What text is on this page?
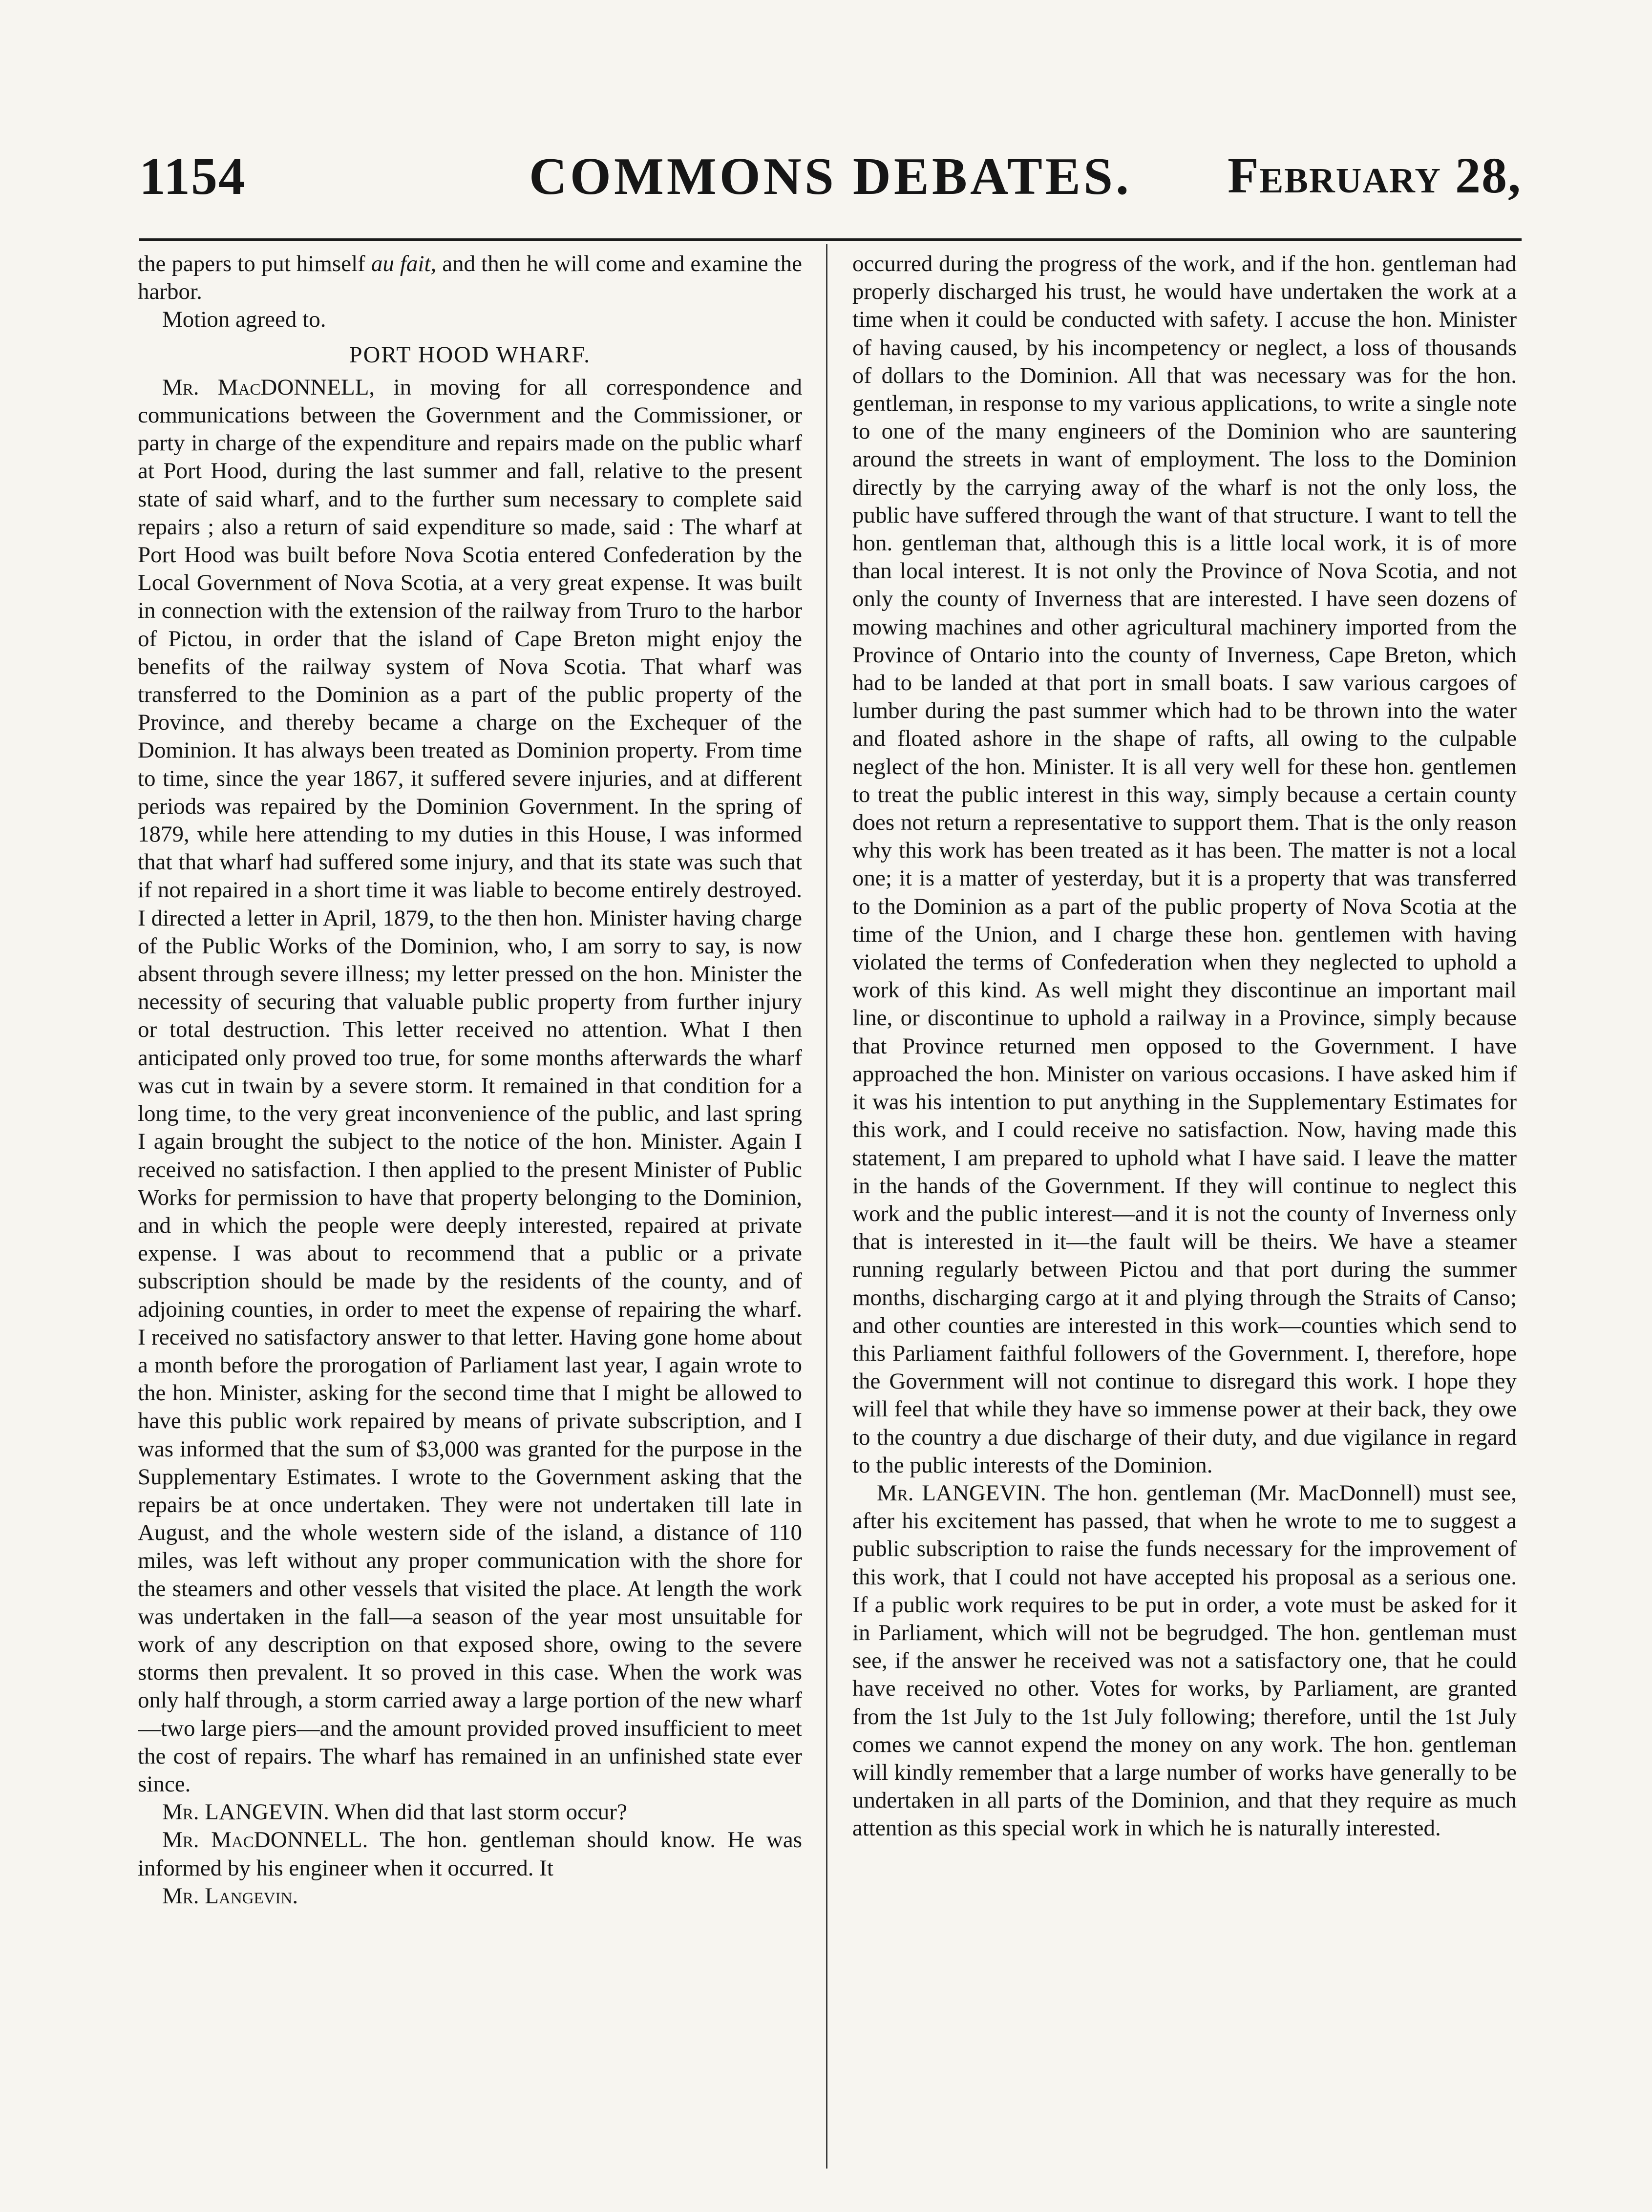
1154	COMMONS DEBATES.	February 28,

the papers to put himself au fait, and then he will come and examine the harbor.

Motion agreed to.

PORT HOOD WHARF.

Mr. MacDONNELL, in moving for all correspondence and communications between the Government and the Commissioner, or party in charge of the expenditure and repairs made on the public wharf at Port Hood, during the last summer and fall, relative to the present state of said wharf, and to the further sum necessary to complete said repairs ; also a return of said expenditure so made, said : The wharf at Port Hood was built before Nova Scotia entered Confederation by the Local Government of Nova Scotia, at a very great expense. It was built in connection with the extension of the railway from Truro to the harbor of Pictou, in order that the island of Cape Breton might enjoy the benefits of the railway system of Nova Scotia. That wharf was transferred to the Dominion as a part of the public property of the Province, and thereby became a charge on the Exchequer of the Dominion. It has always been treated as Dominion property. From time to time, since the year 1867, it suffered severe injuries, and at different periods was repaired by the Dominion Government. In the spring of 1879, while here attending to my duties in this House, I was informed that that wharf had suffered some injury, and that its state was such that if not repaired in a short time it was liable to become entirely destroyed. I directed a letter in April, 1879, to the then hon. Minister having charge of the Public Works of the Dominion, who, I am sorry to say, is now absent through severe illness; my letter pressed on the hon. Minister the necessity of securing that valuable public property from further injury or total destruction. This letter received no attention. What I then anticipated only proved too true, for some months afterwards the wharf was cut in twain by a severe storm. It remained in that condition for a long time, to the very great inconvenience of the public, and last spring I again brought the subject to the notice of the hon. Minister. Again I received no satisfaction. I then applied to the present Minister of Public Works for permission to have that property belonging to the Dominion, and in which the people were deeply interested, repaired at private expense. I was about to recommend that a public or a private subscription should be made by the residents of the county, and of adjoining counties, in order to meet the expense of repairing the wharf. I received no satisfactory answer to that letter. Having gone home about a month before the prorogation of Parliament last year, I again wrote to the hon. Minister, asking for the second time that I might be allowed to have this public work repaired by means of private subscription, and I was informed that the sum of $3,000 was granted for the purpose in the Supplementary Estimates. I wrote to the Government asking that the repairs be at once undertaken. They were not undertaken till late in August, and the whole western side of the island, a distance of 110 miles, was left without any proper communication with the shore for the steamers and other vessels that visited the place. At length the work was undertaken in the fall—a season of the year most unsuitable for work of any description on that exposed shore, owing to the severe storms then prevalent. It so proved in this case. When the work was only half through, a storm carried away a large portion of the new wharf—two large piers—and the amount provided proved insufficient to meet the cost of repairs. The wharf has remained in an unfinished state ever since.

Mr. LANGEVIN. When did that last storm occur?

Mr. MacDONNELL. The hon. gentleman should know. He was informed by his engineer when it occurred. It

Mr. Langevin.

occurred during the progress of the work, and if the hon. gentleman had properly discharged his trust, he would have undertaken the work at a time when it could be conducted with safety. I accuse the hon. Minister of having caused, by his incompetency or neglect, a loss of thousands of dollars to the Dominion. All that was necessary was for the hon. gentleman, in response to my various applications, to write a single note to one of the many engineers of the Dominion who are sauntering around the streets in want of employment. The loss to the Dominion directly by the carrying away of the wharf is not the only loss, the public have suffered through the want of that structure. I want to tell the hon. gentleman that, although this is a little local work, it is of more than local interest. It is not only the Province of Nova Scotia, and not only the county of Inverness that are interested. I have seen dozens of mowing machines and other agricultural machinery imported from the Province of Ontario into the county of Inverness, Cape Breton, which had to be landed at that port in small boats. I saw various cargoes of lumber during the past summer which had to be thrown into the water and floated ashore in the shape of rafts, all owing to the culpable neglect of the hon. Minister. It is all very well for these hon. gentlemen to treat the public interest in this way, simply because a certain county does not return a representative to support them. That is the only reason why this work has been treated as it has been. The matter is not a local one; it is a matter of yesterday, but it is a property that was transferred to the Dominion as a part of the public property of Nova Scotia at the time of the Union, and I charge these hon. gentlemen with having violated the terms of Confederation when they neglected to uphold a work of this kind. As well might they discontinue an important mail line, or discontinue to uphold a railway in a Province, simply because that Province returned men opposed to the Government. I have approached the hon. Minister on various occasions. I have asked him if it was his intention to put anything in the Supplementary Estimates for this work, and I could receive no satisfaction. Now, having made this statement, I am prepared to uphold what I have said. I leave the matter in the hands of the Government. If they will continue to neglect this work and the public interest—and it is not the county of Inverness only that is interested in it—the fault will be theirs. We have a steamer running regularly between Pictou and that port during the summer months, discharging cargo at it and plying through the Straits of Canso; and other counties are interested in this work—counties which send to this Parliament faithful followers of the Government. I, therefore, hope the Government will not continue to disregard this work. I hope they will feel that while they have so immense power at their back, they owe to the country a due discharge of their duty, and due vigilance in regard to the public interests of the Dominion.

Mr. LANGEVIN. The hon. gentleman (Mr. MacDonnell) must see, after his excitement has passed, that when he wrote to me to suggest a public subscription to raise the funds necessary for the improvement of this work, that I could not have accepted his proposal as a serious one. If a public work requires to be put in order, a vote must be asked for it in Parliament, which will not be begrudged. The hon. gentleman must see, if the answer he received was not a satisfactory one, that he could have received no other. Votes for works, by Parliament, are granted from the 1st July to the 1st July following; therefore, until the 1st July comes we cannot expend the money on any work. The hon. gentleman will kindly remember that a large number of works have generally to be undertaken in all parts of the Dominion, and that they require as much attention as this special work in which he is naturally interested.
